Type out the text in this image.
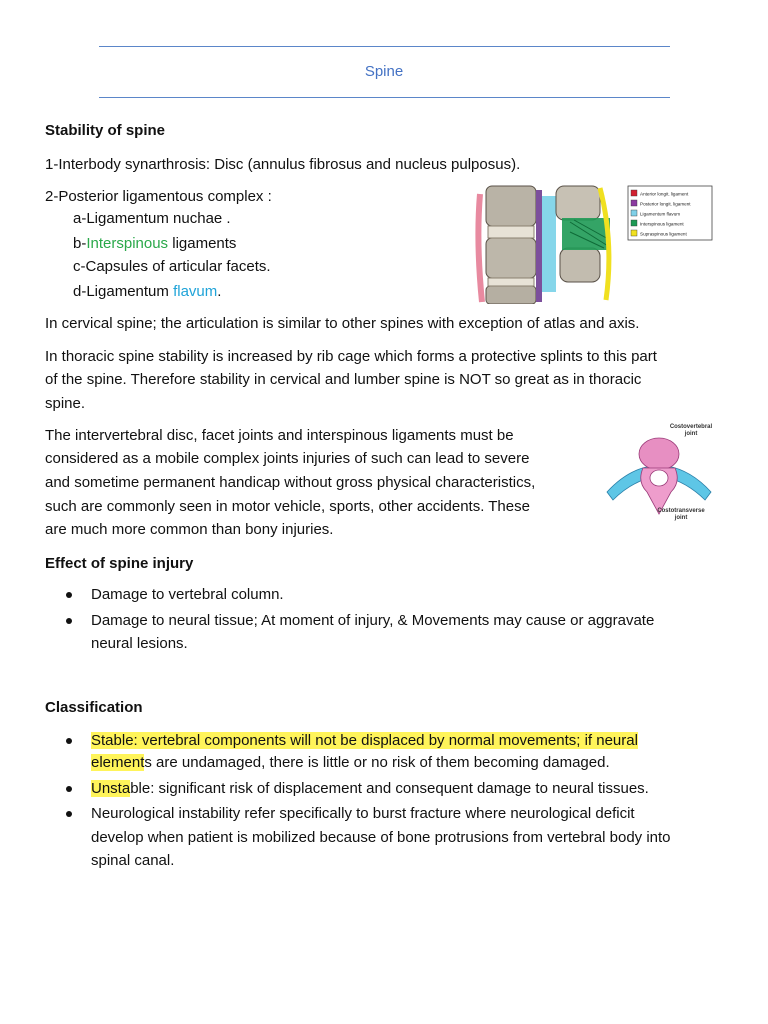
Spine
Stability of spine
1-Interbody synarthrosis: Disc (annulus fibrosus and nucleus pulposus).
2-Posterior ligamentous complex :
a-Ligamentum nuchae .
b-Interspinous ligaments
c-Capsules of articular facets.
d-Ligamentum flavum.
Anterior longit. ligament
Posterior longit. ligament
Ligamentum flavum
Interspinous ligament
Supraspinous ligament
In cervical spine; the articulation is similar to other spines with exception of atlas and axis.
In thoracic spine stability is increased by rib cage which forms a protective splints to this part
of the spine. Therefore stability in cervical and lumber spine is NOT so great as in thoracic
spine.
The intervertebral disc, facet joints and interspinous ligaments must be
considered as a mobile complex joints injuries of such can lead to severe
and sometime permanent handicap without gross physical characteristics,
such are commonly seen in motor vehicle, sports, other accidents. These
are much more common than bony injuries.
Costovertebral
joint
Costotransverse
joint
Effect of spine injury
Damage to vertebral column.
Damage to neural tissue; At moment of injury, & Movements may cause or aggravate
neural lesions.
Classification
Stable: vertebral components will not be displaced by normal movements; if neural
elements are undamaged, there is little or no risk of them becoming damaged.
Unstable: significant risk of displacement and consequent damage to neural tissues.
Neurological instability refer specifically to burst fracture where neurological deficit
develop when patient is mobilized because of bone protrusions from vertebral body into
spinal canal.
